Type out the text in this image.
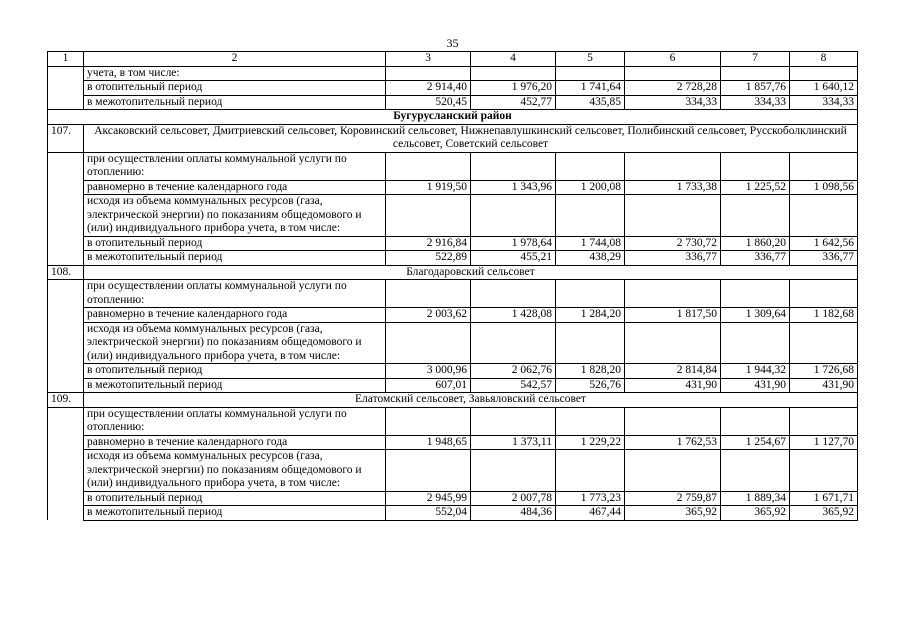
35
1	2	3	4	5	6	7	8
	учета, в том числе:						
	в отопительный период	2 914,40	1 976,20	1 741,64	2 728,28	1 857,76	1 640,12
	в межотопительный период	520,45	452,77	435,85	334,33	334,33	334,33
Бугурусланский район							
107.	Аксаковский сельсовет, Дмитриевский сельсовет, Коровинский сельсовет, Нижнепавлушкинский сельсовет, Полибинский сельсовет, Русскоболклинский сельсовет, Советский сельсовет						
	при осуществлении оплаты коммунальной услуги по отоплению:						
	равномерно в течение календарного года	1 919,50	1 343,96	1 200,08	1 733,38	1 225,52	1 098,56
	исходя из объема коммунальных ресурсов (газа, электрической энергии) по показаниям общедомового и (или) индивидуального прибора учета, в том числе:						
	в отопительный период	2 916,84	1 978,64	1 744,08	2 730,72	1 860,20	1 642,56
	в межотопительный период	522,89	455,21	438,29	336,77	336,77	336,77
108.	Благодаровский сельсовет						
	при осуществлении оплаты коммунальной услуги по отоплению:						
	равномерно в течение календарного года	2 003,62	1 428,08	1 284,20	1 817,50	1 309,64	1 182,68
	исходя из объема коммунальных ресурсов (газа, электрической энергии) по показаниям общедомового и (или) индивидуального прибора учета, в том числе:						
	в отопительный период	3 000,96	2 062,76	1 828,20	2 814,84	1 944,32	1 726,68
	в межотопительный период	607,01	542,57	526,76	431,90	431,90	431,90
109.	Елатомский сельсовет, Завьяловский сельсовет						
	при осуществлении оплаты коммунальной услуги по отоплению:						
	равномерно в течение календарного года	1 948,65	1 373,11	1 229,22	1 762,53	1 254,67	1 127,70
	исходя из объема коммунальных ресурсов (газа, электрической энергии) по показаниям общедомового и (или) индивидуального прибора учета, в том числе:						
	в отопительный период	2 945,99	2 007,78	1 773,23	2 759,87	1 889,34	1 671,71
	в межотопительный период	552,04	484,36	467,44	365,92	365,92	365,92
